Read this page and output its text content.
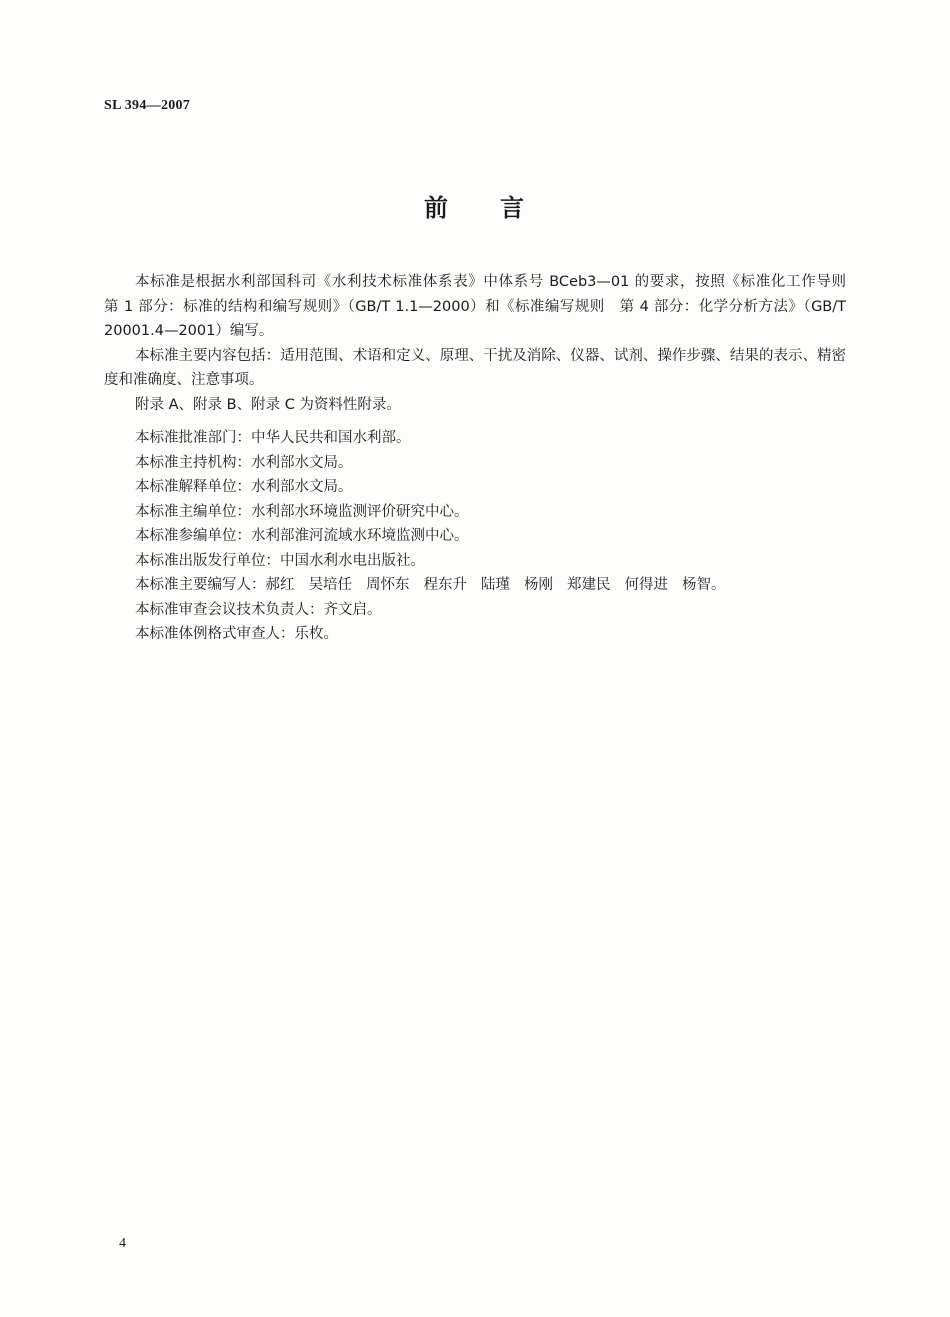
SL 394—2007
前 言

本标准是根据水利部国科司《水利技术标准体系表》中体系号 BCeb3—01 的要求，按照《标准化工作导则　第 1 部分：标准的结构和编写规则》（GB/T 1.1—2000）和《标准编写规则　第 4 部分：化学分析方法》（GB/T 20001.4—2001）编写。

本标准主要内容包括：适用范围、术语和定义、原理、干扰及消除、仪器、试剂、操作步骤、结果的表示、精密度和准确度、注意事项。

附录 A、附录 B、附录 C 为资料性附录。

本标准批准部门：中华人民共和国水利部。

本标准主持机构：水利部水文局。

本标准解释单位：水利部水文局。

本标准主编单位：水利部水环境监测评价研究中心。

本标准参编单位：水利部淮河流域水环境监测中心。

本标准出版发行单位：中国水利水电出版社。

本标准主要编写人：郝红 吴培任 周怀东 程东升 陆瑾 杨刚 郑建民 何得进 杨智。

本标准审查会议技术负责人：齐文启。

本标准体例格式审查人：乐枚。

4
